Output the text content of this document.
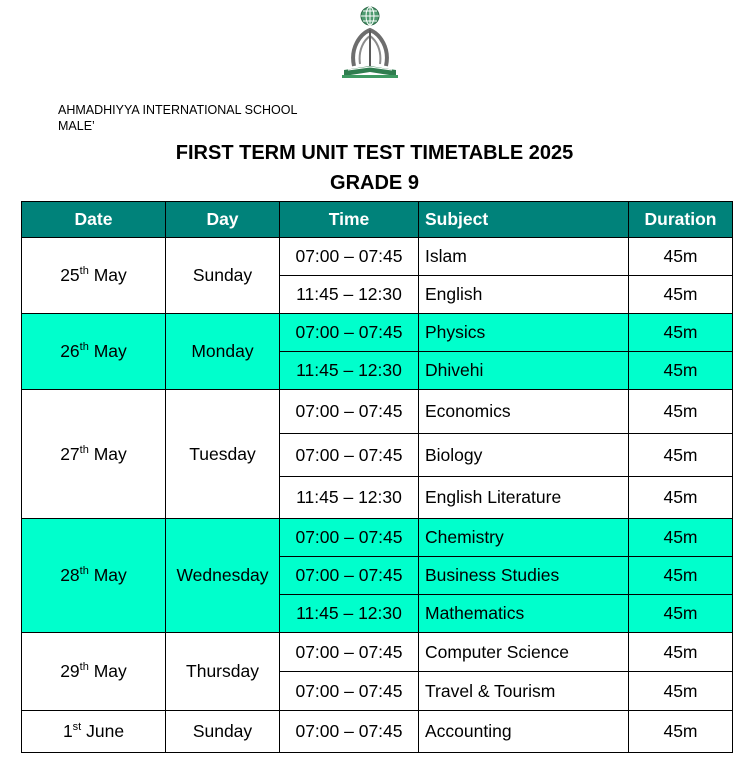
AHMADHIYYA INTERNATIONAL SCHOOL
MALE’
FIRST TERM UNIT TEST TIMETABLE 2025
GRADE 9
Date	Day	Time	Subject	Duration
25th May	Sunday	07:00 – 07:45	Islam	45m
		11:45 – 12:30	English	45m
26th May	Monday	07:00 – 07:45	Physics	45m
		11:45 – 12:30	Dhivehi	45m
27th May	Tuesday	07:00 – 07:45	Economics	45m
		07:00 – 07:45	Biology	45m
		11:45 – 12:30	English Literature	45m
28th May	Wednesday	07:00 – 07:45	Chemistry	45m
		07:00 – 07:45	Business Studies	45m
		11:45 – 12:30	Mathematics	45m
29th May	Thursday	07:00 – 07:45	Computer Science	45m
		07:00 – 07:45	Travel & Tourism	45m
1st June	Sunday	07:00 – 07:45	Accounting	45m
